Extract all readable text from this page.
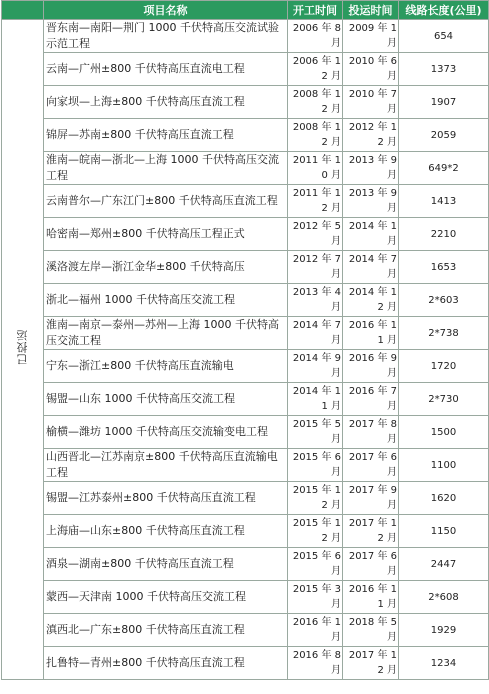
	项目名称	开工时间	投运时间	线路长度(公里)
已投运	晋东南—南阳—荆门 1000 千伏特高压交流试验示范工程	2006 年 8 月	2009 年 1 月	654
	云南—广州±800 千伏特高压直流电工程	2006 年 12 月	2010 年 6 月	1373
	向家坝—上海±800 千伏特高压直流工程	2008 年 12 月	2010 年 7 月	1907
	锦屏—苏南±800 千伏特高压直流工程	2008 年 12 月	2012 年 12 月	2059
	淮南—皖南—浙北—上海 1000 千伏特高压交流工程	2011 年 10 月	2013 年 9 月	649*2
	云南普尔—广东江门±800 千伏特高压直流工程	2011 年 12 月	2013 年 9 月	1413
	哈密南—郑州±800 千伏特高压工程正式	2012 年 5 月	2014 年 1 月	2210
	溪洛渡左岸—浙江金华±800 千伏特高压	2012 年 7 月	2014 年 7 月	1653
	浙北—福州 1000 千伏特高压交流工程	2013 年 4 月	2014 年 12 月	2*603
	淮南—南京—泰州—苏州—上海 1000 千伏特高压交流工程	2014 年 7 月	2016 年 11 月	2*738
	宁东—浙江±800 千伏特高压直流输电	2014 年 9 月	2016 年 9 月	1720
	锡盟—山东 1000 千伏特高压交流工程	2014 年 11 月	2016 年 7 月	2*730
	榆横—潍坊 1000 千伏特高压交流输变电工程	2015 年 5 月	2017 年 8 月	1500
	山西晋北—江苏南京±800 千伏特高压直流输电工程	2015 年 6 月	2017 年 6 月	1100
	锡盟—江苏泰州±800 千伏特高压直流工程	2015 年 12 月	2017 年 9 月	1620
	上海庙—山东±800 千伏特高压直流工程	2015 年 12 月	2017 年 12 月	1150
	酒泉—湖南±800 千伏特高压直流工程	2015 年 6 月	2017 年 6 月	2447
	蒙西—天津南 1000 千伏特高压交流工程	2015 年 3 月	2016 年 11 月	2*608
	滇西北—广东±800 千伏特高压直流工程	2016 年 1 月	2018 年 5 月	1929
	扎鲁特—青州±800 千伏特高压直流工程	2016 年 8 月	2017 年 12 月	1234
